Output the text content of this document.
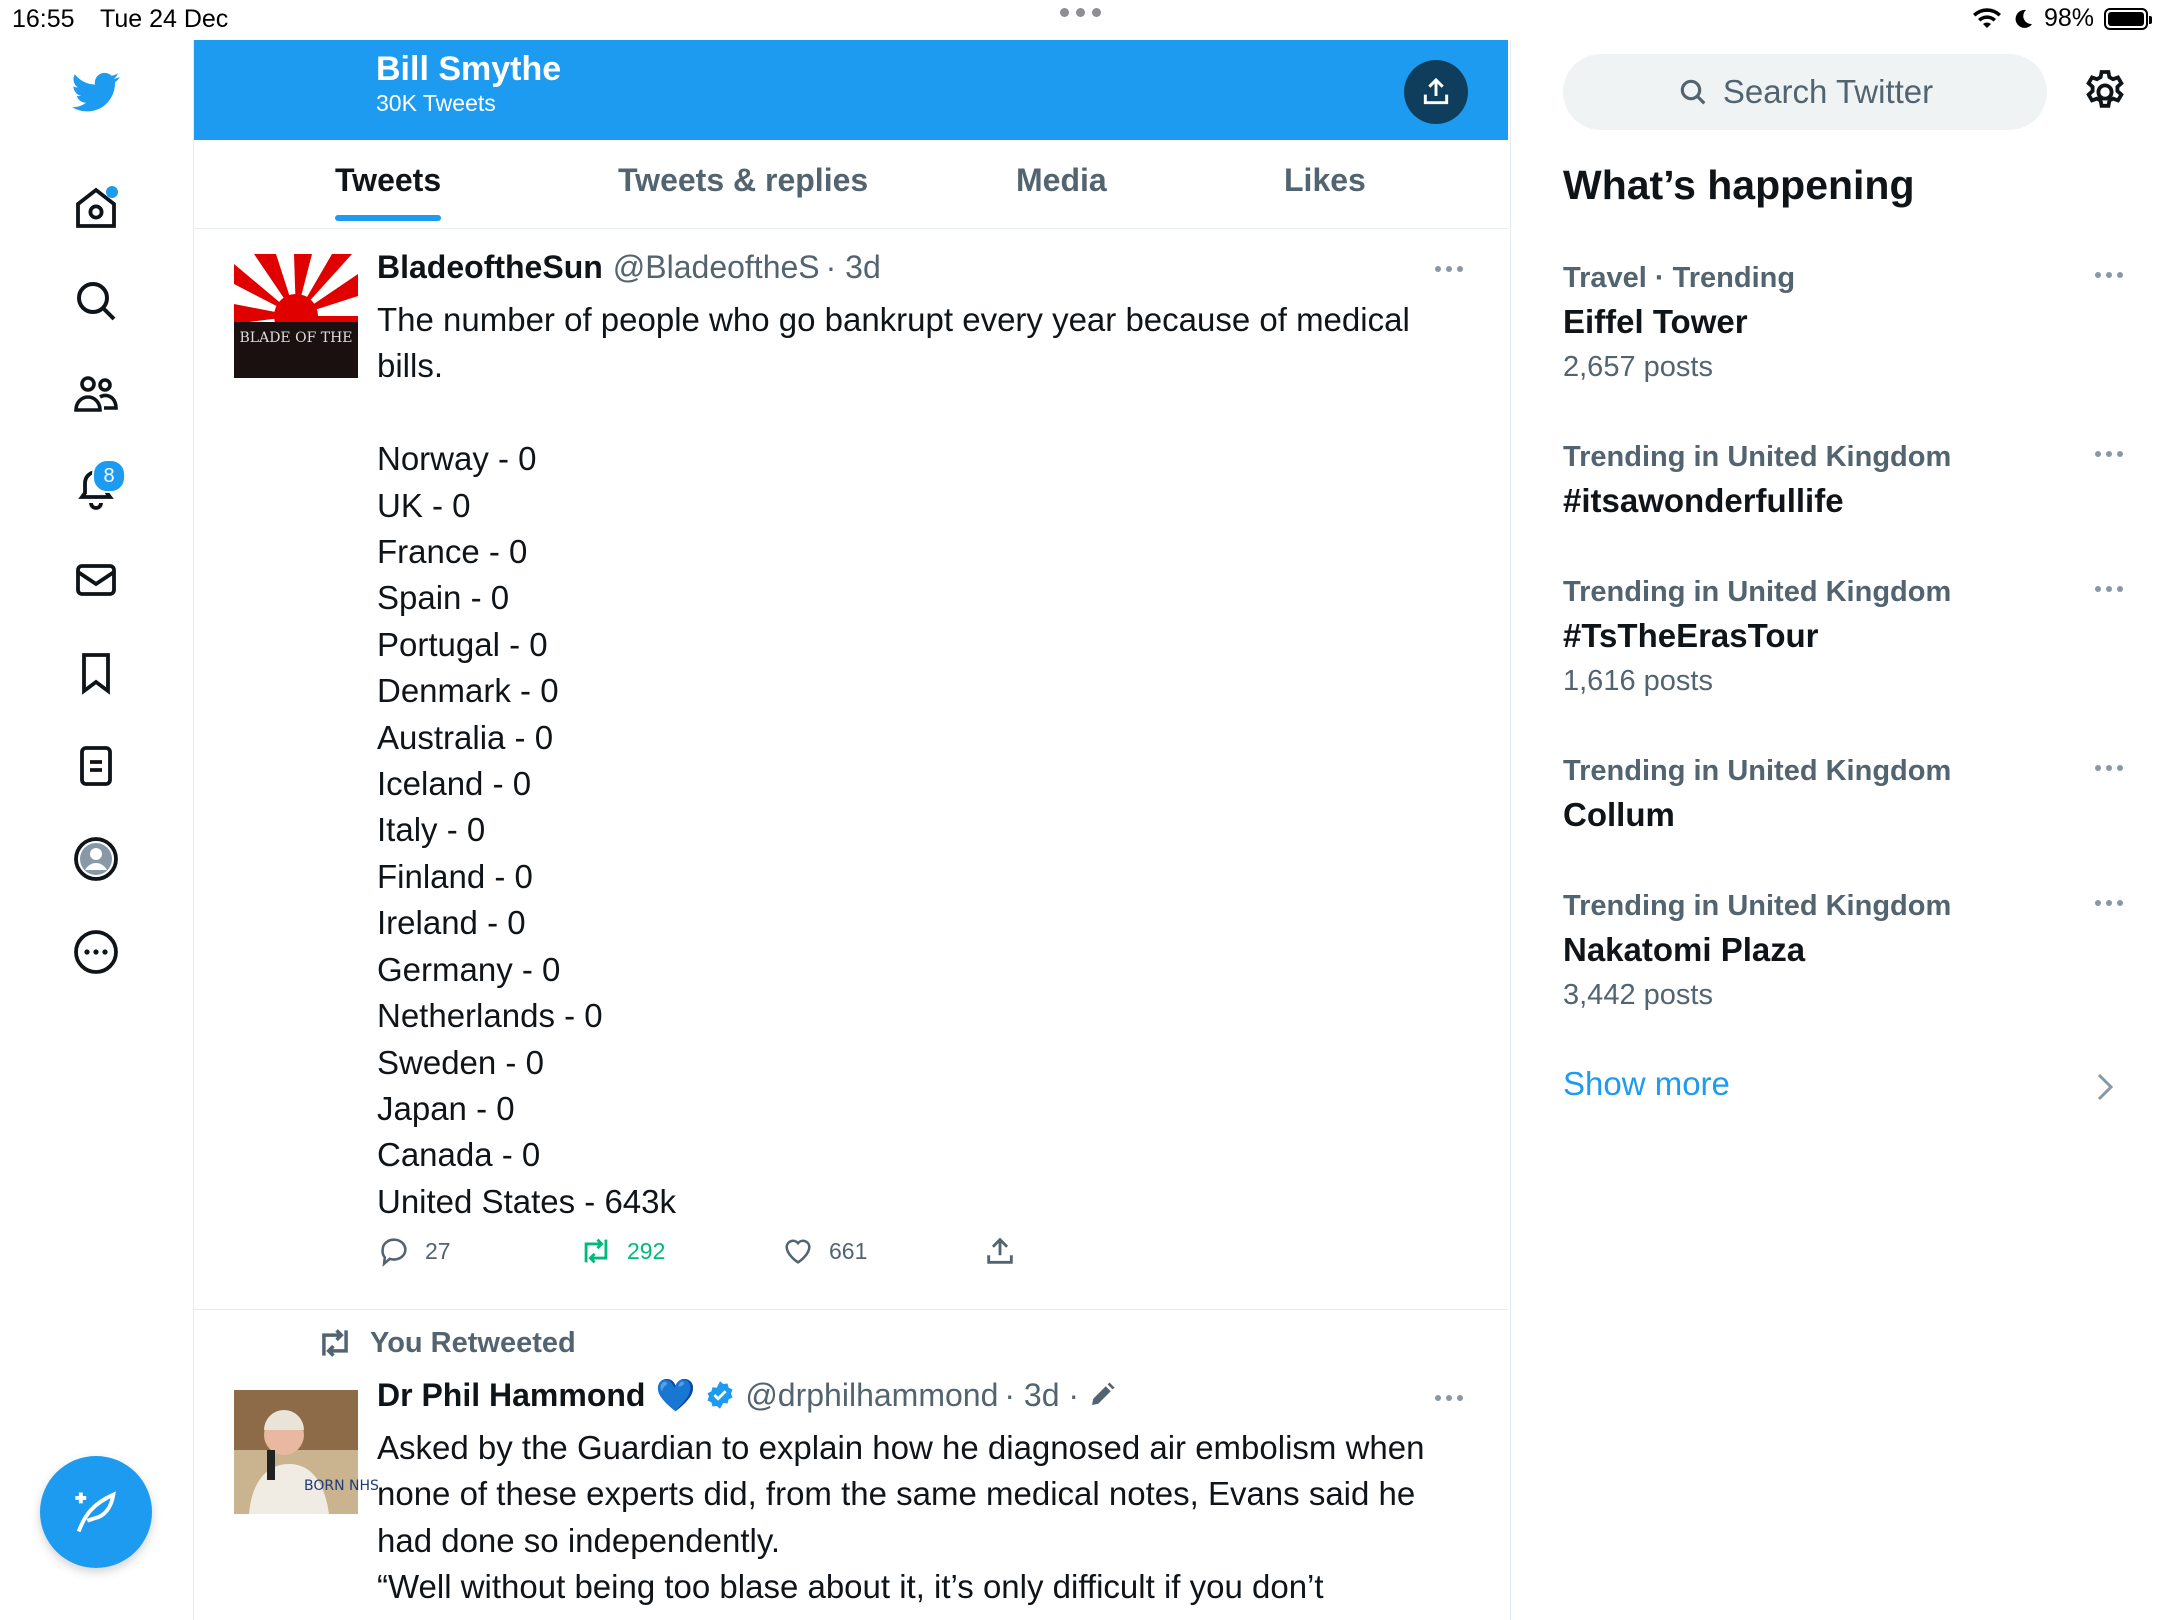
16:55 Tue 24 Dec	98%
8
Bill Smythe
30K Tweets
Tweets	Tweets & replies	Media	Likes
BLADE OF THE
BladeoftheSun @BladeoftheS · 3d
The number of people who go bankrupt every year because of medical bills.

Norway - 0
UK - 0
France - 0
Spain - 0
Portugal - 0
Denmark - 0
Australia - 0
Iceland - 0
Italy - 0
Finland - 0
Ireland - 0
Germany - 0
Netherlands - 0
Sweden - 0
Japan - 0
Canada - 0
United States - 643k
27	292	661
You Retweeted
BORN NHS
Dr Phil Hammond 💙 @drphilhammond · 3d ·
Asked by the Guardian to explain how he diagnosed air embolism when none of these experts did, from the same medical notes, Evans said he had done so independently.
“Well without being too blase about it, it’s only difficult if you don’t
Search Twitter
What’s happening
Travel · Trending
Eiffel Tower
2,657 posts
Trending in United Kingdom
#itsawonderfullife
Trending in United Kingdom
#TsTheErasTour
1,616 posts
Trending in United Kingdom
Collum
Trending in United Kingdom
Nakatomi Plaza
3,442 posts
Show more
